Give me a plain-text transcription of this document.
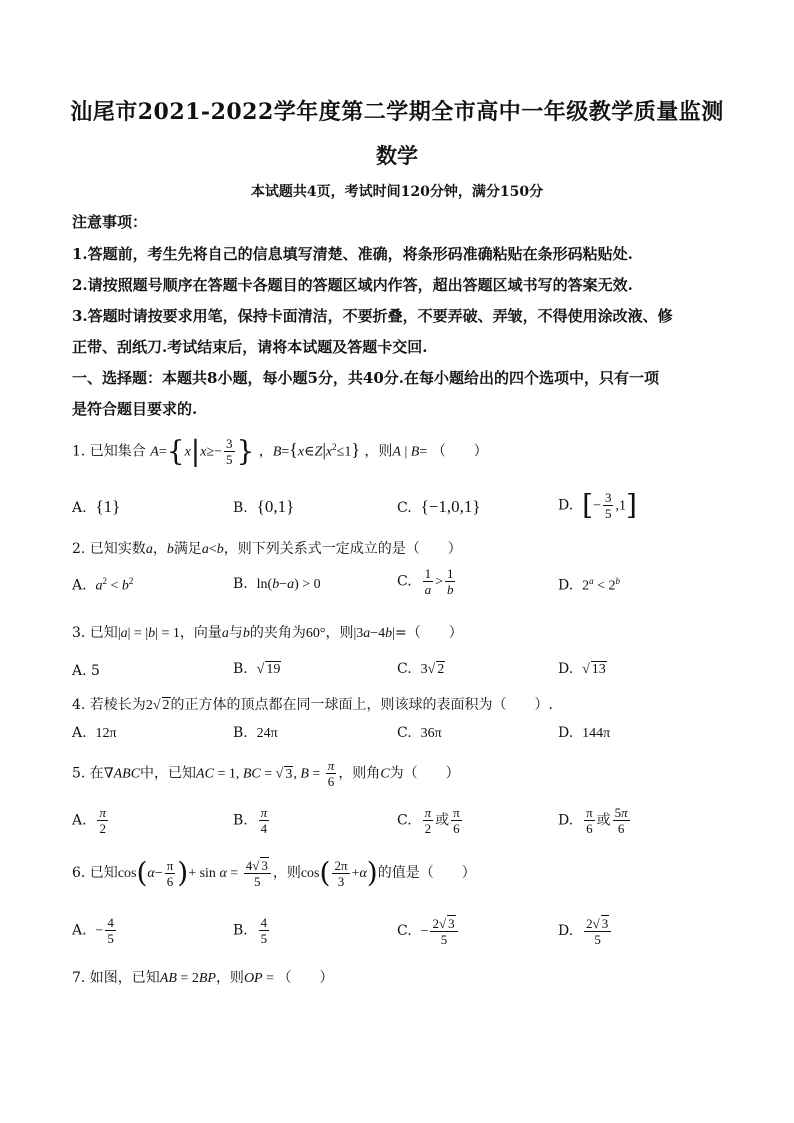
汕尾市2021-2022学年度第二学期全市高中一年级教学质量监测
数学
本试题共4页，考试时间120分钟，满分150分
注意事项：
1.答题前，考生先将自己的信息填写清楚、准确，将条形码准确粘贴在条形码粘贴处.
2.请按照题号顺序在答题卡各题目的答题区域内作答，超出答题区域书写的答案无效.
3.答题时请按要求用笔，保持卡面清洁，不要折叠，不要弄破、弄皱，不得使用涂改液、修
正带、刮纸刀.考试结束后，请将本试题及答题卡交回.
一、选择题：本题共8小题，每小题5分，共40分.在每小题给出的四个选项中，只有一项
是符合题目要求的.
1. 已知集合 $A=\{x|x\ge- \frac{3}{5}$ } ，$B=\{x\in Z|x^2\le 1\}$ ，则A | B= （　　）
A. {1}	B. {0,1}	C. {−1,0,1}	D. [− $\frac{3}{5} ,1$]
2. 已知实数a，b满足a<b，则下列关系式一定成立的是（　　）
A.  $a^2 < b^2$	B.  ln(b−a) > 0	C. $\frac{1}{a} > \frac{1}{b}$	D.  $2^a < 2^b$
3. 已知|a| = |b| = 1，向量a与b的夹角为60°，则|3a−4b|=（　　）
A. 5	B.  √ 19	C.  3√ 2	D.  √ 13
4. 若棱长为2√ 2的正方体的顶点都在同一球面上，则该球的表面积为（　　）.
A.  12π	B.  24π	C.  36π	D.  144π
5. 在∇ABC中，已知AC = 1, BC = √ 3, $B = \frac{\pi}{6}$ ，则角C为（　　）
A. $\frac{\pi}{2}$	B. $\frac{\pi}{4}$	C. $\frac{\pi}{2}$ 或 $\frac{\pi}{6}$	D. $\frac{\pi}{6}$ 或 $\frac{5\pi}{6}$
6. 已知$\cos(\alpha- \frac{\pi}{6}$ )+ $\sin \alpha = \frac{4√ 3}{5}$ ，则$\cos( \frac{2\pi}{3} +\alpha)$的值是（　　）
A.  − $\frac{4}{5}$	B. $\frac{4}{5}$	C.  − $\frac{2√ 3}{5}$	D. $\frac{2√ 3}{5}$
7. 如图，已知AB = 2BP，则OP = （　　）
